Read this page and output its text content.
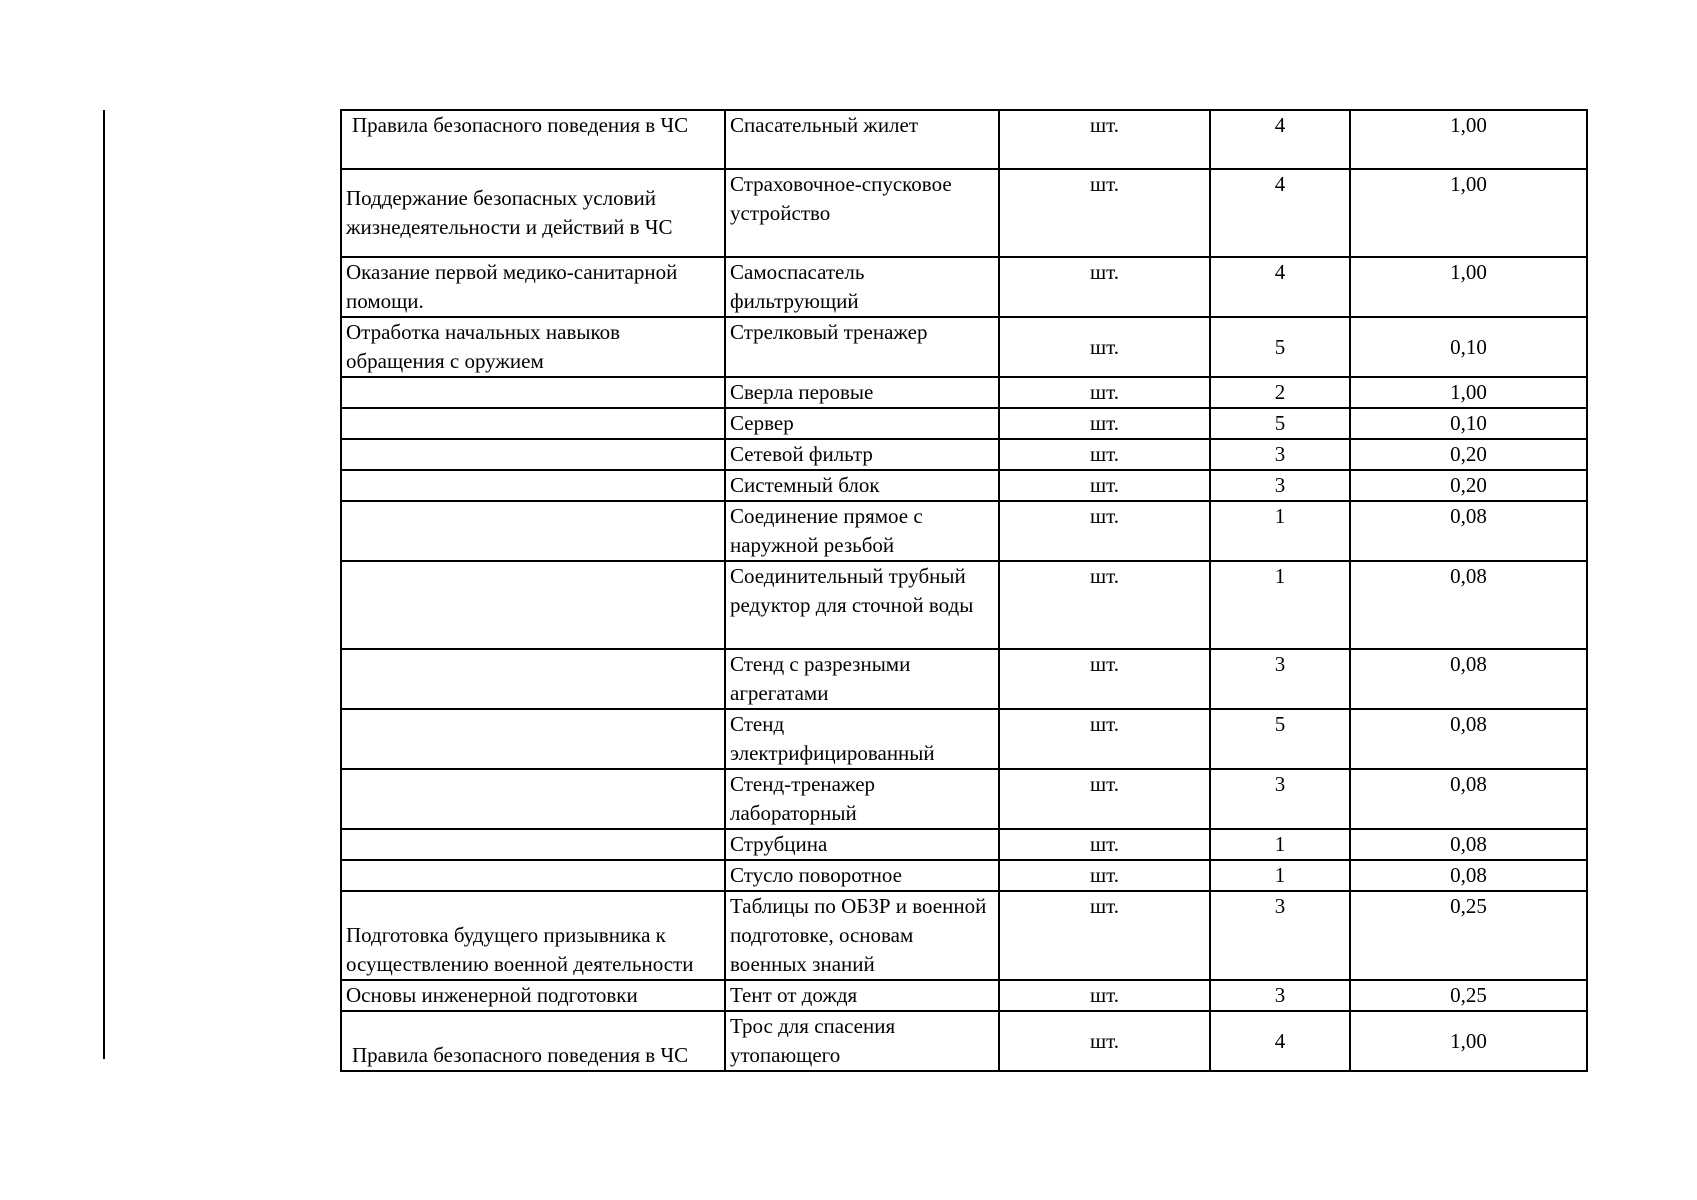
Правила безопасного поведения в ЧС	Спасательный жилет	шт.	4	1,00
Поддержание безопасных условий жизнедеятельности и действий в ЧС	Страховочное-спусковое устройство	шт.	4	1,00
Оказание первой медико-санитарной помощи.	Самоспасатель фильтрующий	шт.	4	1,00
Отработка начальных навыков обращения с оружием	Стрелковый тренажер	шт.	5	0,10
	Сверла перовые	шт.	2	1,00
	Сервер	шт.	5	0,10
	Сетевой фильтр	шт.	3	0,20
	Системный блок	шт.	3	0,20
	Соединение прямое с наружной резьбой	шт.	1	0,08
	Соединительный трубный редуктор для сточной воды	шт.	1	0,08
	Стенд с разрезными агрегатами	шт.	3	0,08
	Стенд электрифицированный	шт.	5	0,08
	Стенд-тренажер лабораторный	шт.	3	0,08
	Струбцина	шт.	1	0,08
	Стусло поворотное	шт.	1	0,08
Подготовка будущего призывника к осуществлению военной деятельности	Таблицы по ОБЗР и военной подготовке, основам военных знаний	шт.	3	0,25
Основы инженерной подготовки	Тент от дождя	шт.	3	0,25
Правила безопасного поведения в ЧС	Трос для спасения утопающего	шт.	4	1,00
